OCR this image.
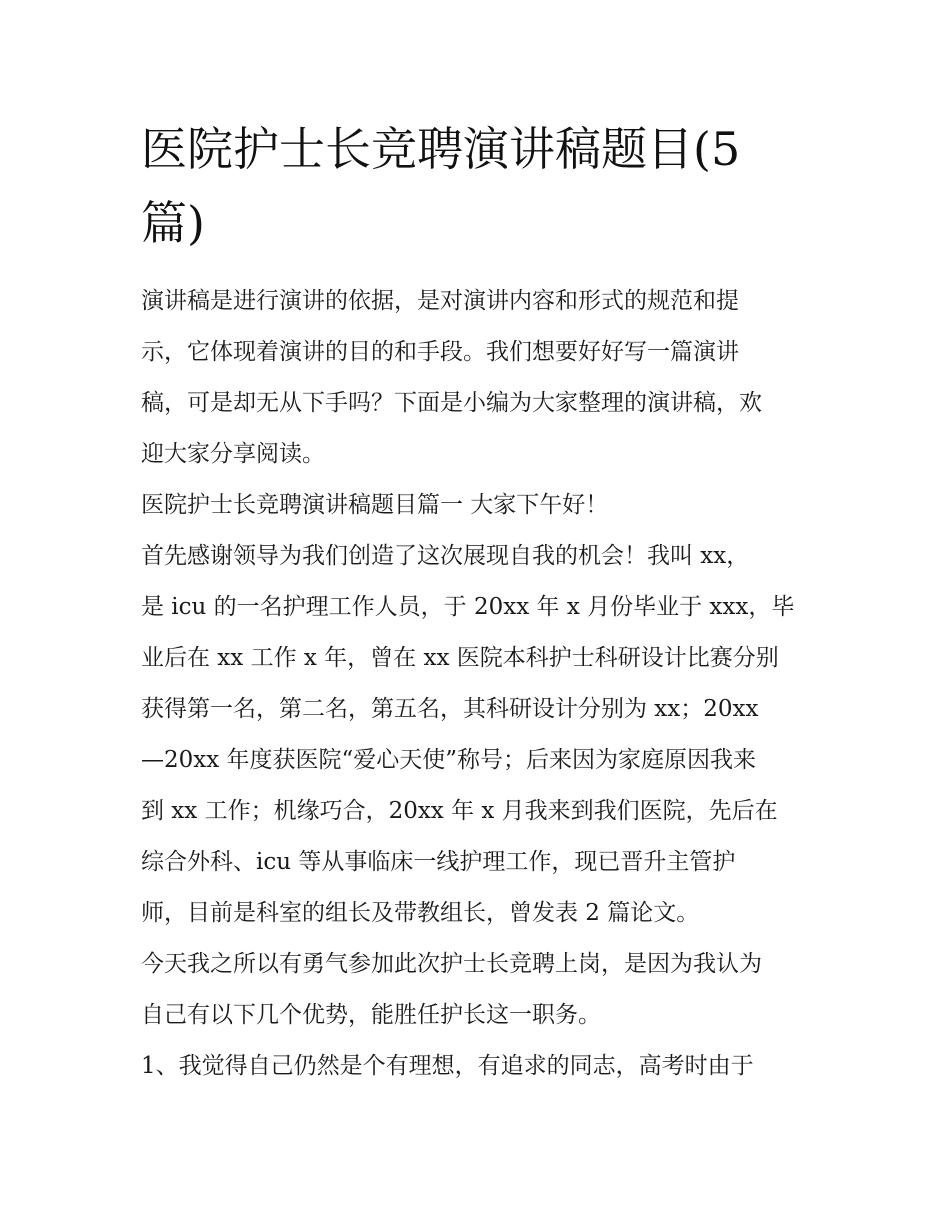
医院护士长竞聘演讲稿题目(5
篇)
演讲稿是进行演讲的依据，是对演讲内容和形式的规范和提
示，它体现着演讲的目的和手段。我们想要好好写一篇演讲
稿，可是却无从下手吗？下面是小编为大家整理的演讲稿，欢
迎大家分享阅读。
医院护士长竞聘演讲稿题目篇一 大家下午好！
首先感谢领导为我们创造了这次展现自我的机会！我叫 xx，
是 icu 的一名护理工作人员，于 20xx 年 x 月份毕业于 xxx，毕
业后在 xx 工作 x 年，曾在 xx 医院本科护士科研设计比赛分别
获得第一名，第二名，第五名，其科研设计分别为 xx；20xx
—20xx 年度获医院“爱心天使”称号；后来因为家庭原因我来
到 xx 工作；机缘巧合，20xx 年 x 月我来到我们医院，先后在
综合外科、icu 等从事临床一线护理工作，现已晋升主管护
师，目前是科室的组长及带教组长，曾发表 2 篇论文。
今天我之所以有勇气参加此次护士长竞聘上岗，是因为我认为
自己有以下几个优势，能胜任护长这一职务。
1、我觉得自己仍然是个有理想，有追求的同志，高考时由于
